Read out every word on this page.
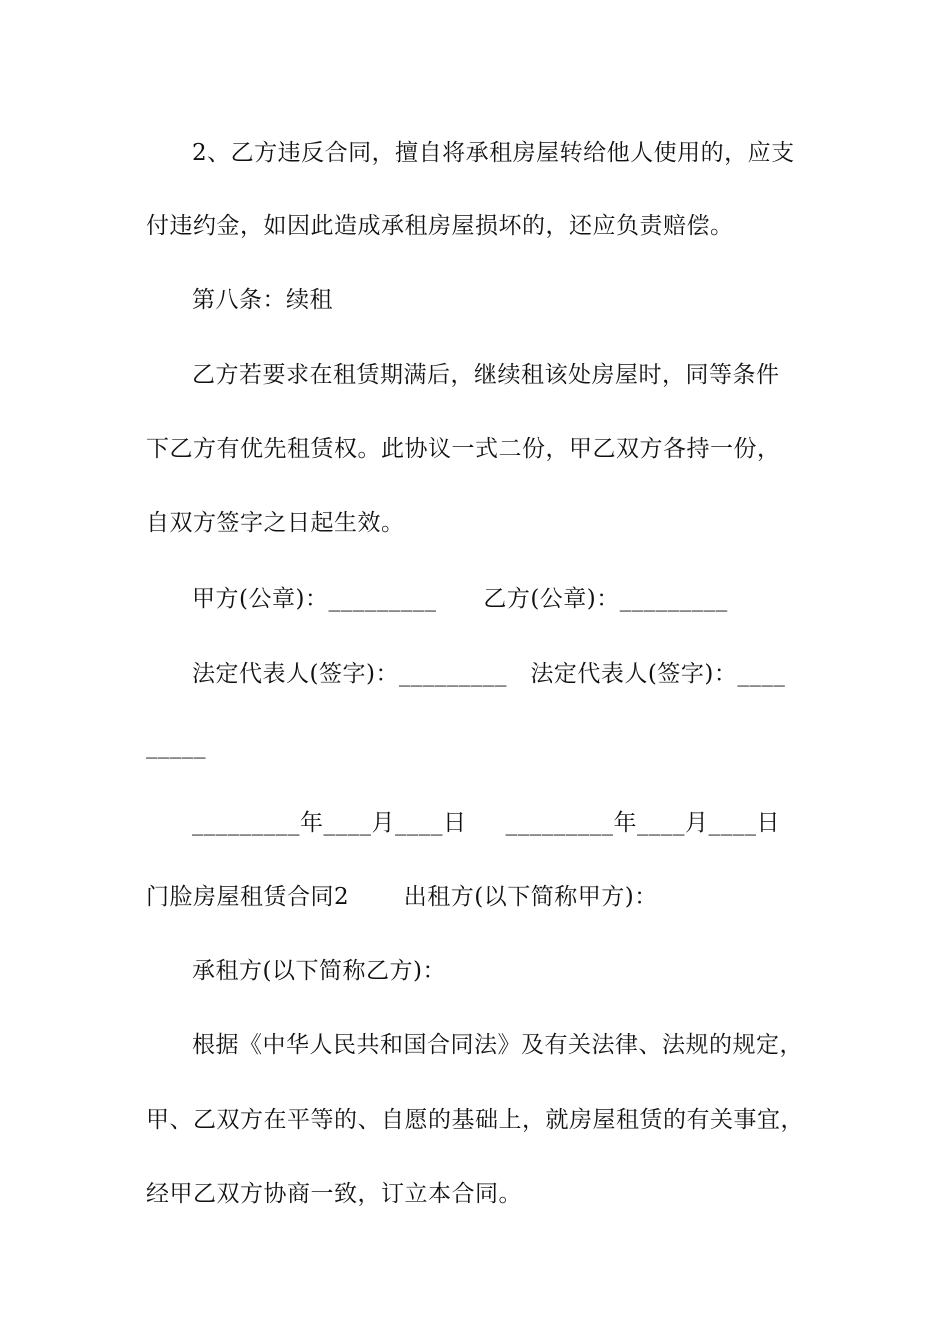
2、乙方违反合同，擅自将承租房屋转给他人使用的，应支
付违约金，如因此造成承租房屋损坏的，还应负责赔偿。
第八条：续租
乙方若要求在租赁期满后，继续租该处房屋时，同等条件
下乙方有优先租赁权。此协议一式二份，甲乙双方各持一份，
自双方签字之日起生效。
甲方(公章)：_________      乙方(公章)：_________
法定代表人(签字)：_________   法定代表人(签字)：____
_____
_________年____月____日     _________年____月____日
门脸房屋租赁合同2       出租方(以下简称甲方)：
承租方(以下简称乙方)：
根据《中华人民共和国合同法》及有关法律、法规的规定，
甲、乙双方在平等的、自愿的基础上，就房屋租赁的有关事宜，
经甲乙双方协商一致，订立本合同。
